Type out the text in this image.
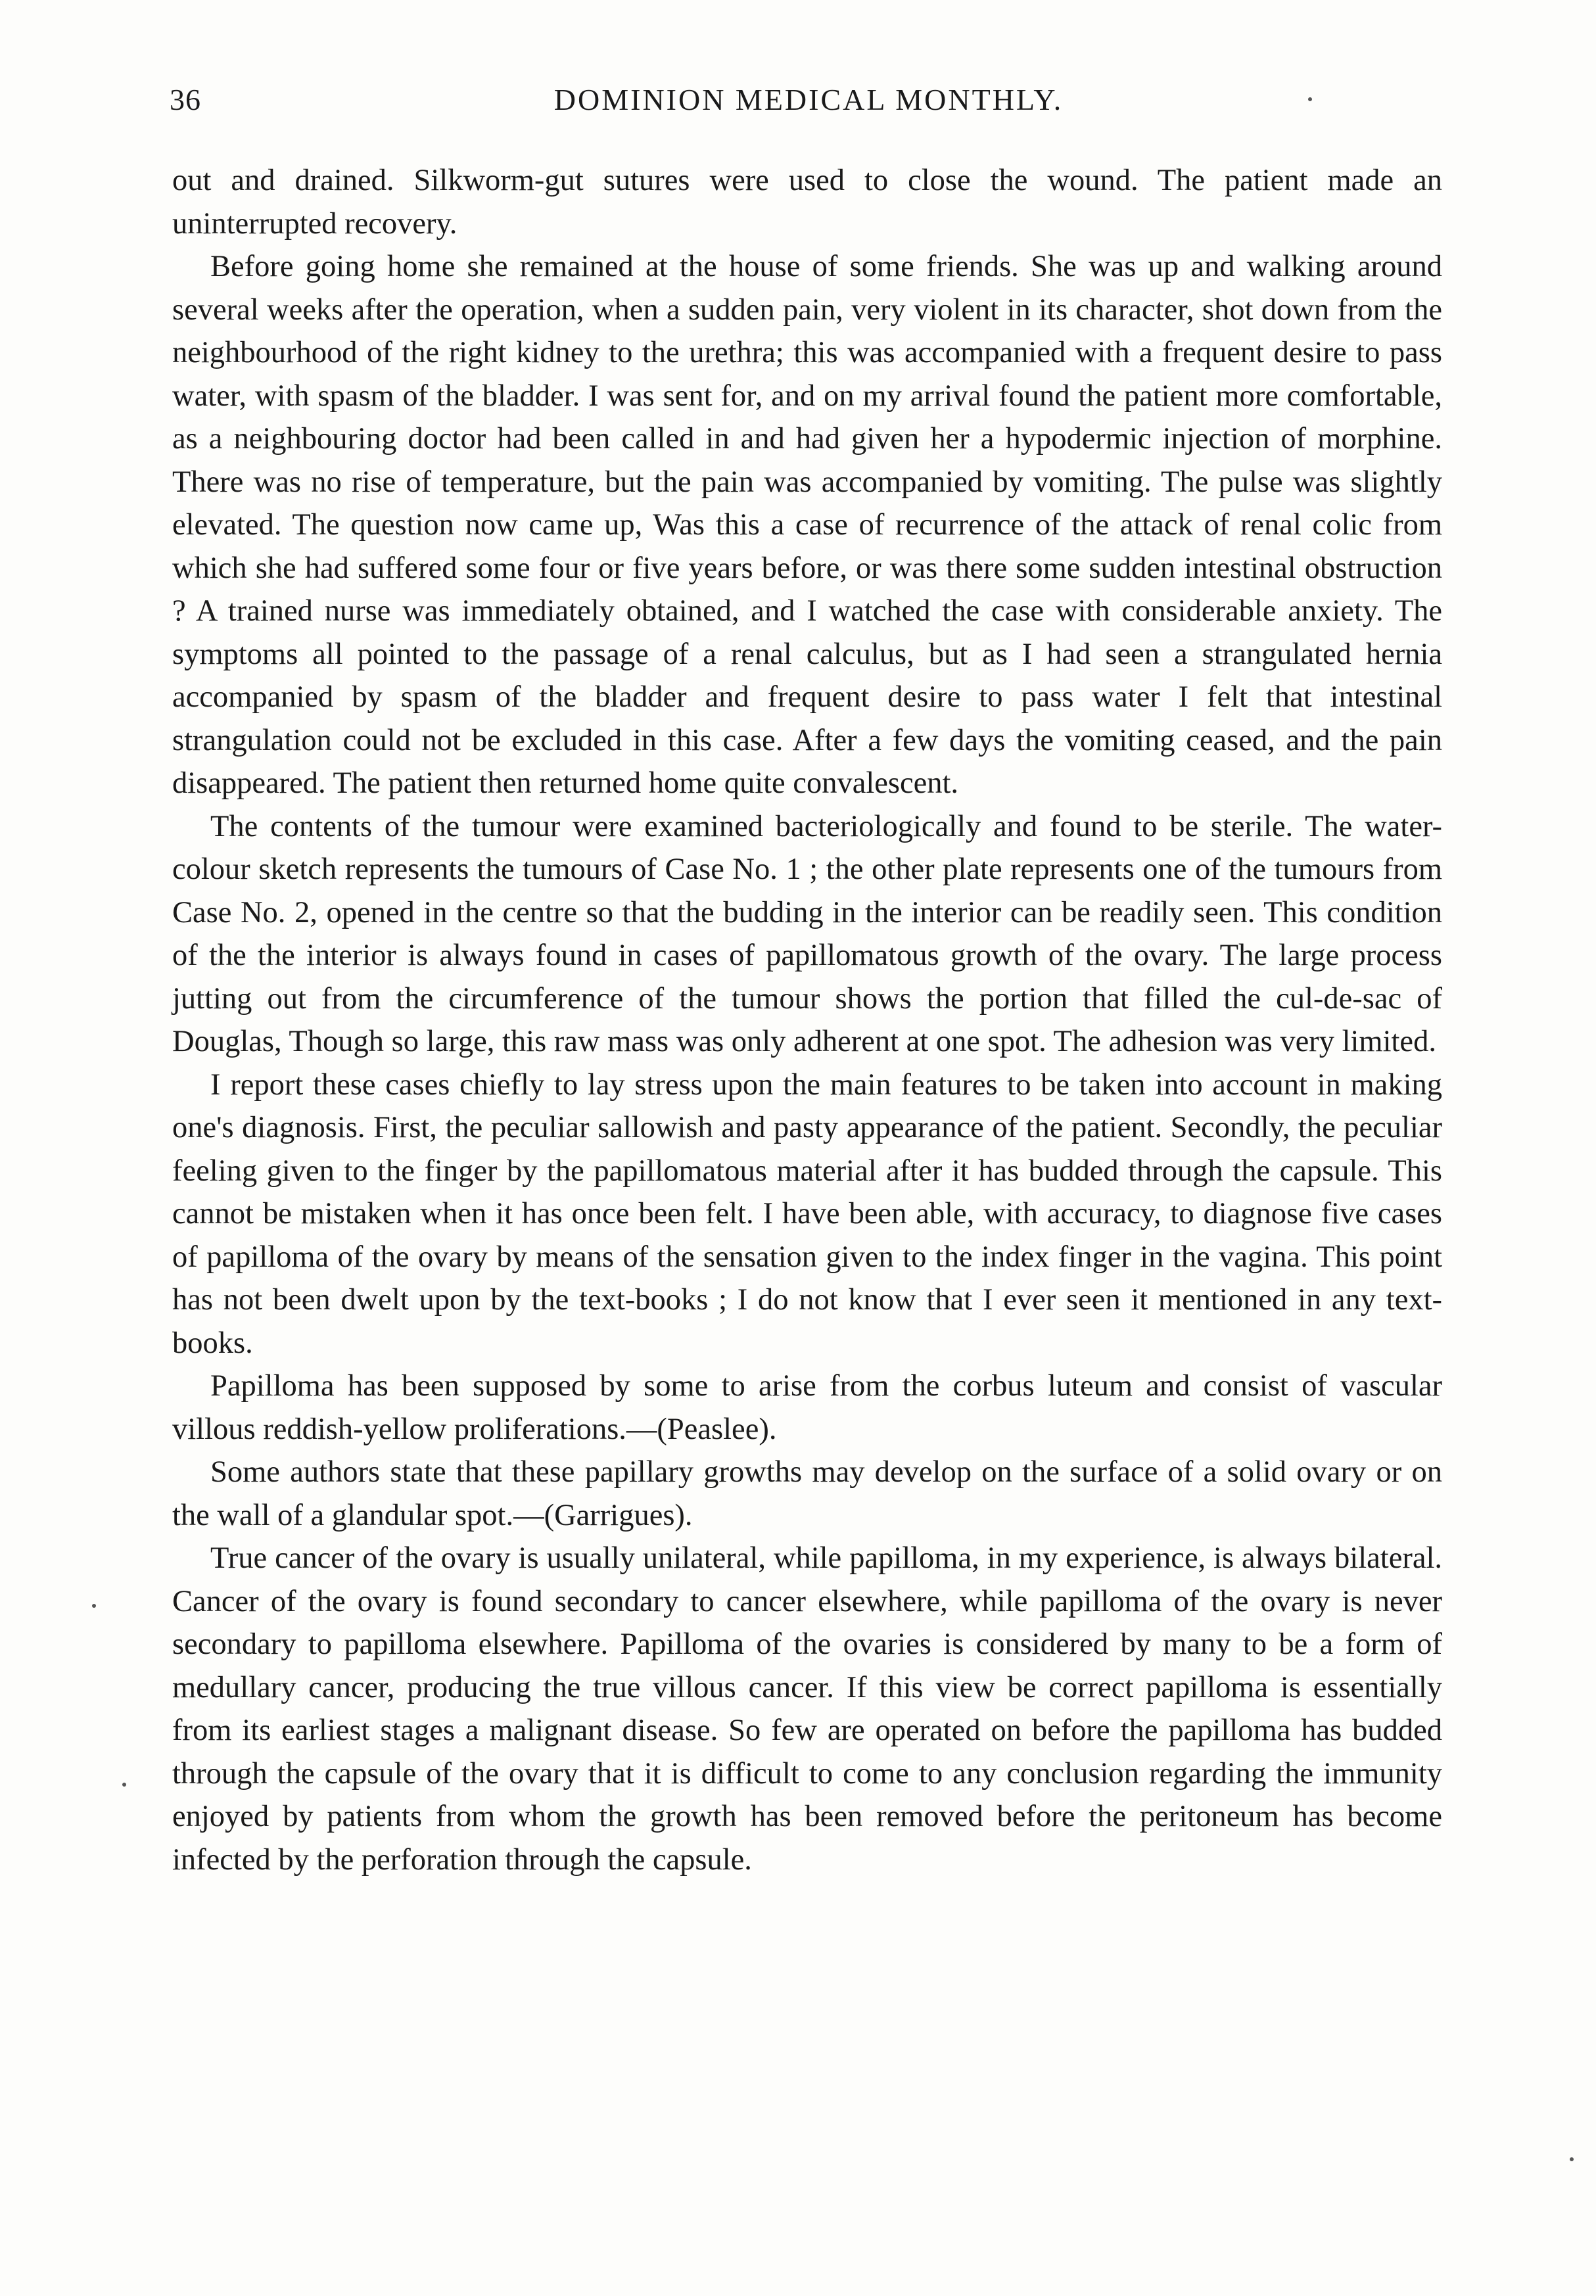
36	DOMINION MEDICAL MONTHLY.

out and drained. Silkworm-gut sutures were used to close the wound. The patient made an uninterrupted recovery.

Before going home she remained at the house of some friends. She was up and walking around several weeks after the operation, when a sudden pain, very violent in its character, shot down from the neighbourhood of the right kidney to the urethra; this was accompanied with a frequent desire to pass water, with spasm of the bladder. I was sent for, and on my arrival found the patient more comfortable, as a neighbouring doctor had been called in and had given her a hypodermic injection of morphine. There was no rise of temperature, but the pain was accompanied by vomiting. The pulse was slightly elevated. The question now came up, Was this a case of recurrence of the attack of renal colic from which she had suffered some four or five years before, or was there some sudden intestinal obstruction ? A trained nurse was immediately obtained, and I watched the case with considerable anxiety. The symptoms all pointed to the passage of a renal calculus, but as I had seen a strangulated hernia accompanied by spasm of the bladder and frequent desire to pass water I felt that intestinal strangulation could not be excluded in this case. After a few days the vomiting ceased, and the pain disappeared. The patient then returned home quite convalescent.

The contents of the tumour were examined bacteriologically and found to be sterile. The water-colour sketch represents the tumours of Case No. 1 ; the other plate represents one of the tumours from Case No. 2, opened in the centre so that the budding in the interior can be readily seen. This condition of the the interior is always found in cases of papillomatous growth of the ovary. The large process jutting out from the circumference of the tumour shows the portion that filled the cul-de-sac of Douglas, Though so large, this raw mass was only adherent at one spot. The adhesion was very limited.

I report these cases chiefly to lay stress upon the main features to be taken into account in making one's diagnosis. First, the peculiar sallowish and pasty appearance of the patient. Secondly, the peculiar feeling given to the finger by the papillomatous material after it has budded through the capsule. This cannot be mistaken when it has once been felt. I have been able, with accuracy, to diagnose five cases of papilloma of the ovary by means of the sensation given to the index finger in the vagina. This point has not been dwelt upon by the text-books ; I do not know that I ever seen it mentioned in any text-books.

Papilloma has been supposed by some to arise from the corbus luteum and consist of vascular villous reddish-yellow proliferations.—(Peaslee).

Some authors state that these papillary growths may develop on the surface of a solid ovary or on the wall of a glandular spot.—(Garrigues).

True cancer of the ovary is usually unilateral, while papilloma, in my experience, is always bilateral. Cancer of the ovary is found secondary to cancer elsewhere, while papilloma of the ovary is never secondary to papilloma elsewhere. Papilloma of the ovaries is considered by many to be a form of medullary cancer, producing the true villous cancer. If this view be correct papilloma is essentially from its earliest stages a malignant disease. So few are operated on before the papilloma has budded through the capsule of the ovary that it is difficult to come to any conclusion regarding the immunity enjoyed by patients from whom the growth has been removed before the peritoneum has become infected by the perforation through the capsule.
